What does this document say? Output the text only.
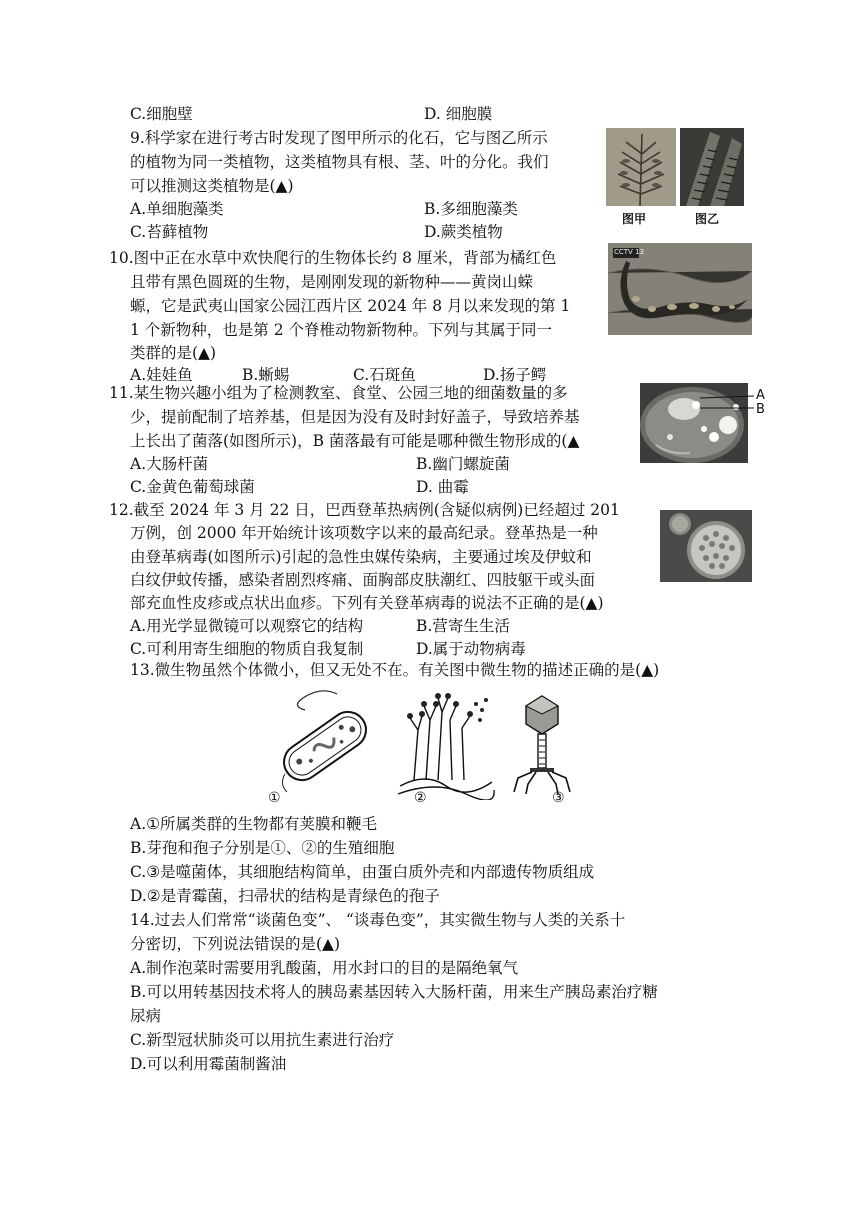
C.细胞壁	D. 细胞膜
9.科学家在进行考古时发现了图甲所示的化石，它与图乙所示
的植物为同一类植物，这类植物具有根、茎、叶的分化。我们
可以推测这类植物是(▲)
A.单细胞藻类	B.多细胞藻类
C.苔藓植物	D.蕨类植物
图甲	图乙
10.图中正在水草中欢快爬行的生物体长约 8 厘米，背部为橘红色
且带有黑色圆斑的生物，是刚刚发现的新物种——黄岗山蝾
螈，它是武夷山国家公园江西片区 2024 年 8 月以来发现的第 1
1 个新物种，也是第 2 个脊椎动物新物种。下列与其属于同一
类群的是(▲)
A.娃娃鱼	B.蜥蜴	C.石斑鱼	D.扬子鳄
CCTV 13
11.某生物兴趣小组为了检测教室、食堂、公园三地的细菌数量的多
少，提前配制了培养基，但是因为没有及时封好盖子，导致培养基
上长出了菌落(如图所示)，B 菌落最有可能是哪种微生物形成的(▲
A.大肠杆菌	B.幽门螺旋菌
C.金黄色葡萄球菌	D. 曲霉
A
B
12.截至 2024 年 3 月 22 日，巴西登革热病例(含疑似病例)已经超过 201
万例，创 2000 年开始统计该项数字以来的最高纪录。登革热是一种
由登革病毒(如图所示)引起的急性虫媒传染病，主要通过埃及伊蚊和
白纹伊蚊传播，感染者剧烈疼痛、面胸部皮肤潮红、四肢躯干或头面
部充血性皮疹或点状出血疹。下列有关登革病毒的说法不正确的是(▲)
A.用光学显微镜可以观察它的结构	B.营寄生生活
C.可利用寄生细胞的物质自我复制	D.属于动物病毒
13.微生物虽然个体微小，但又无处不在。有关图中微生物的描述正确的是(▲)
①	②	③
A.①所属类群的生物都有荚膜和鞭毛
B.芽孢和孢子分别是①、②的生殖细胞
C.③是噬菌体，其细胞结构简单，由蛋白质外壳和内部遗传物质组成
D.②是青霉菌，扫帚状的结构是青绿色的孢子
14.过去人们常常“谈菌色变”、 “谈毒色变”，其实微生物与人类的关系十
分密切，下列说法错误的是(▲)
A.制作泡菜时需要用乳酸菌，用水封口的目的是隔绝氧气
B.可以用转基因技术将人的胰岛素基因转入大肠杆菌，用来生产胰岛素治疗糖
尿病
C.新型冠状肺炎可以用抗生素进行治疗
D.可以利用霉菌制酱油
